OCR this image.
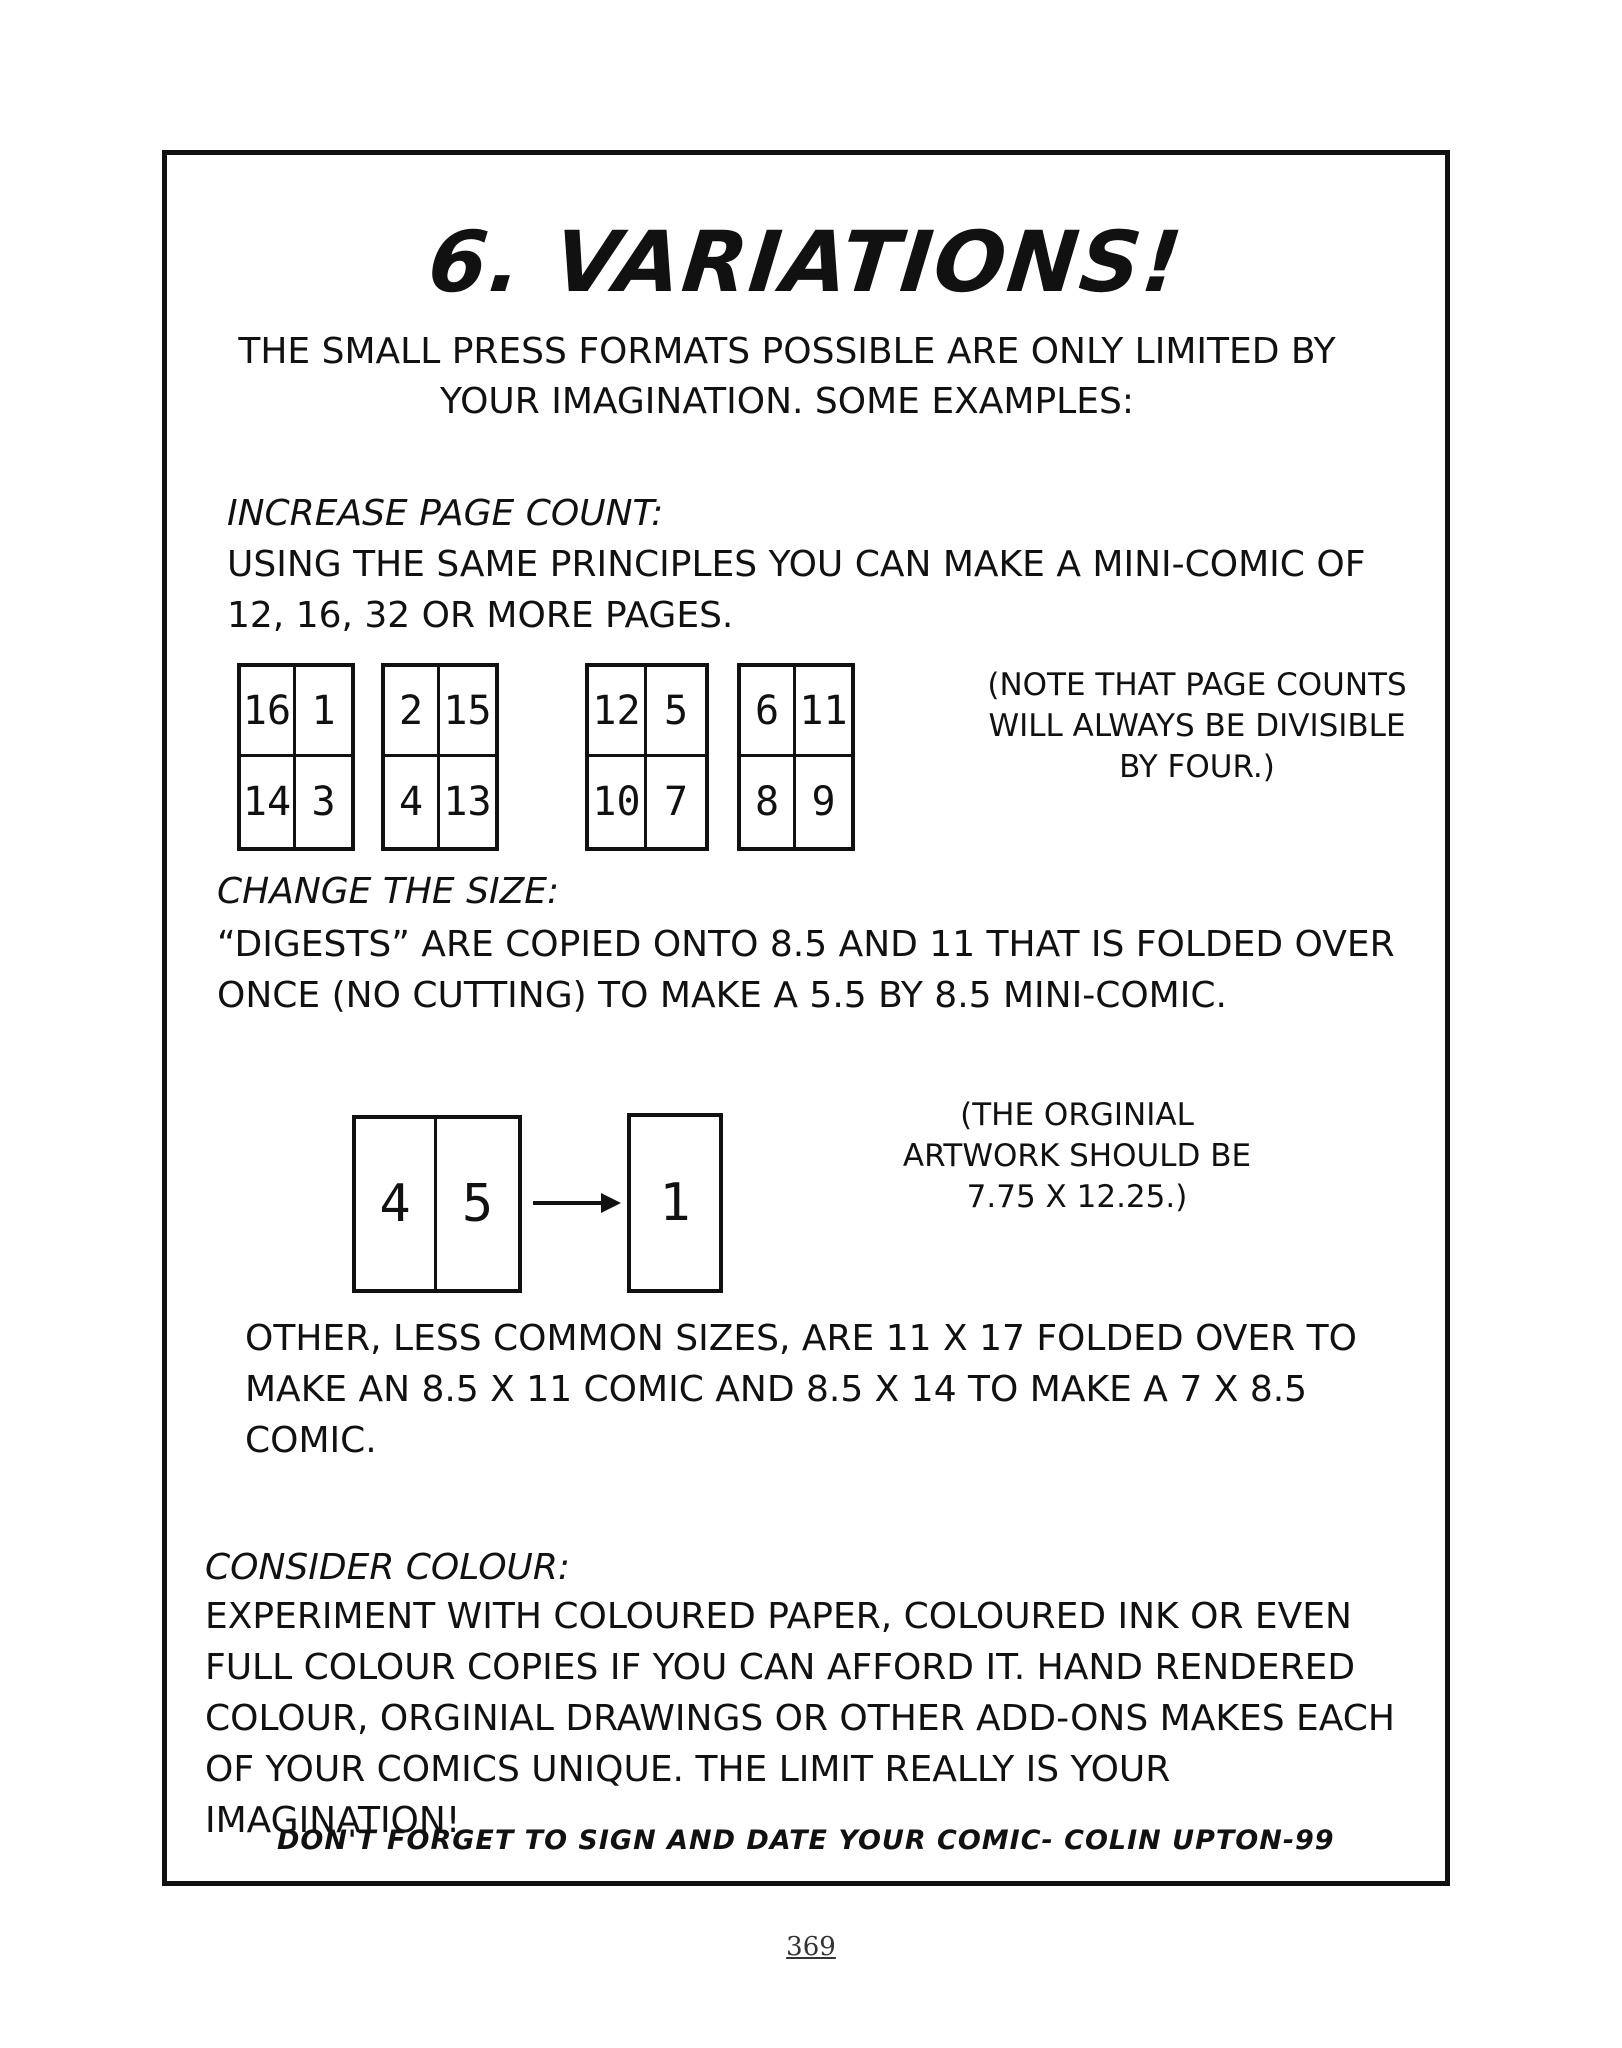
6. VARIATIONS!

THE SMALL PRESS FORMATS POSSIBLE ARE ONLY LIMITED BY YOUR IMAGINATION. SOME EXAMPLES:

INCREASE PAGE COUNT:

USING THE SAME PRINCIPLES YOU CAN MAKE A MINI-COMIC OF 12, 16, 32 OR MORE PAGES.

16 1
14 3
2 15
4 13
12 5
10 7
6 11
8 9

(NOTE THAT PAGE COUNTS WILL ALWAYS BE DIVISIBLE BY FOUR.)

CHANGE THE SIZE:

“DIGESTS” ARE COPIED ONTO 8.5 AND 11 THAT IS FOLDED OVER ONCE (NO CUTTING) TO MAKE A 5.5 BY 8.5 MINI-COMIC.

4 5	1

(THE ORGINIAL ARTWORK SHOULD BE 7.75 X 12.25.)

OTHER, LESS COMMON SIZES, ARE 11 X 17 FOLDED OVER TO MAKE AN 8.5 X 11 COMIC AND 8.5 X 14 TO MAKE A 7 X 8.5 COMIC.

CONSIDER COLOUR:

EXPERIMENT WITH COLOURED PAPER, COLOURED INK OR EVEN FULL COLOUR COPIES IF YOU CAN AFFORD IT. HAND RENDERED COLOUR, ORGINIAL DRAWINGS OR OTHER ADD-ONS MAKES EACH OF YOUR COMICS UNIQUE. THE LIMIT REALLY IS YOUR IMAGINATION!

DON'T FORGET TO SIGN AND DATE YOUR COMIC- COLIN UPTON-99

369
